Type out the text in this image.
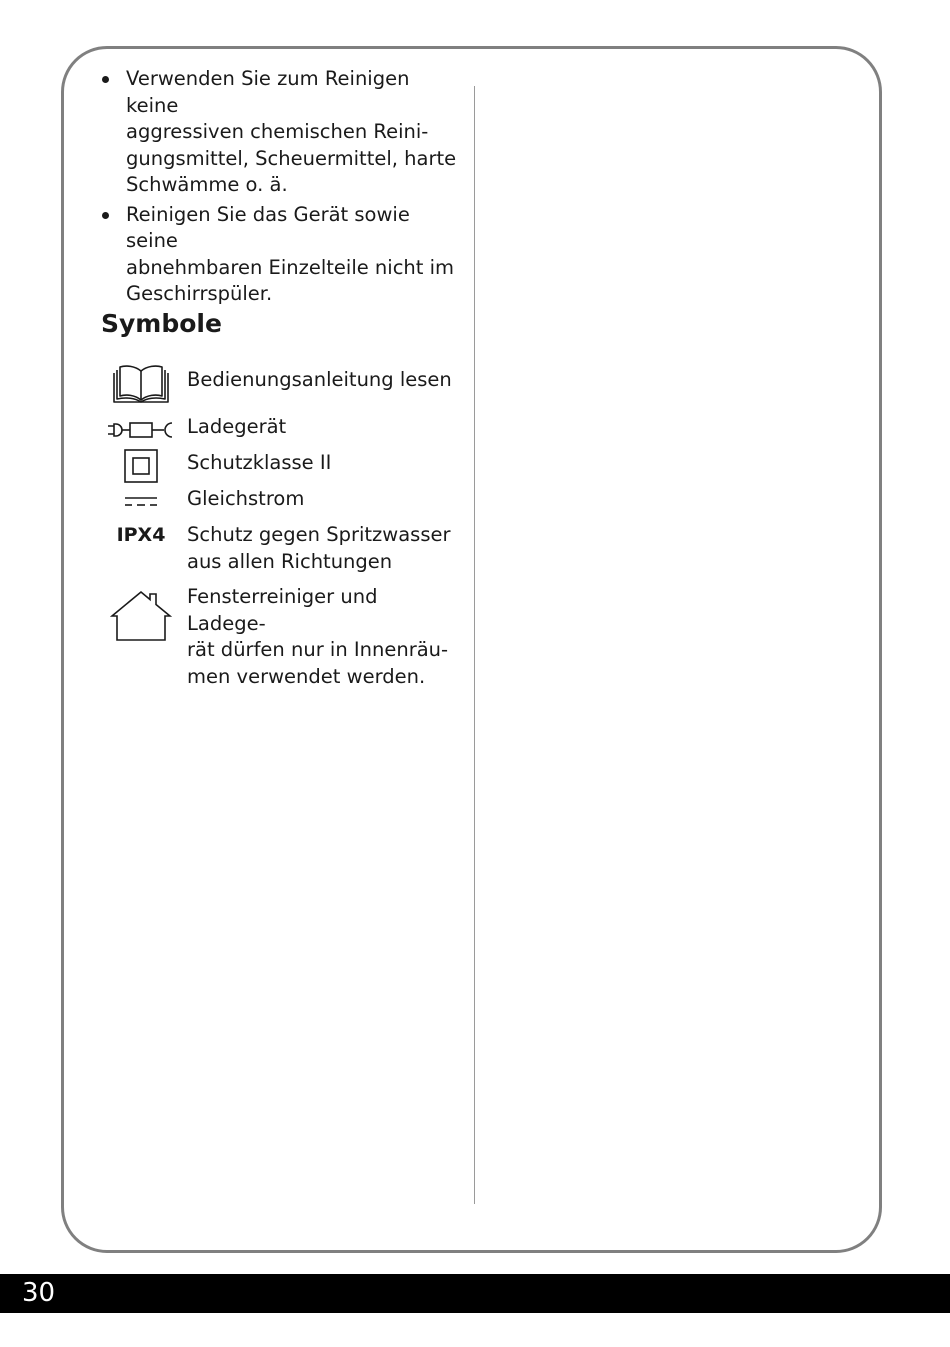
Verwenden Sie zum Reinigen keine
aggressiven chemischen Reini-
gungsmittel, Scheuermittel, harte
Schwämme o. ä.
Reinigen Sie das Gerät sowie seine
abnehmbaren Einzelteile nicht im
Geschirrspüler.
Symbole
Bedienungsanleitung lesen
Ladegerät
Schutzklasse II
Gleichstrom
IPX4	Schutz gegen Spritzwasser
aus allen Richtungen
Fensterreiniger und Ladege-
rät dürfen nur in Innenräu-
men verwendet werden.
30
